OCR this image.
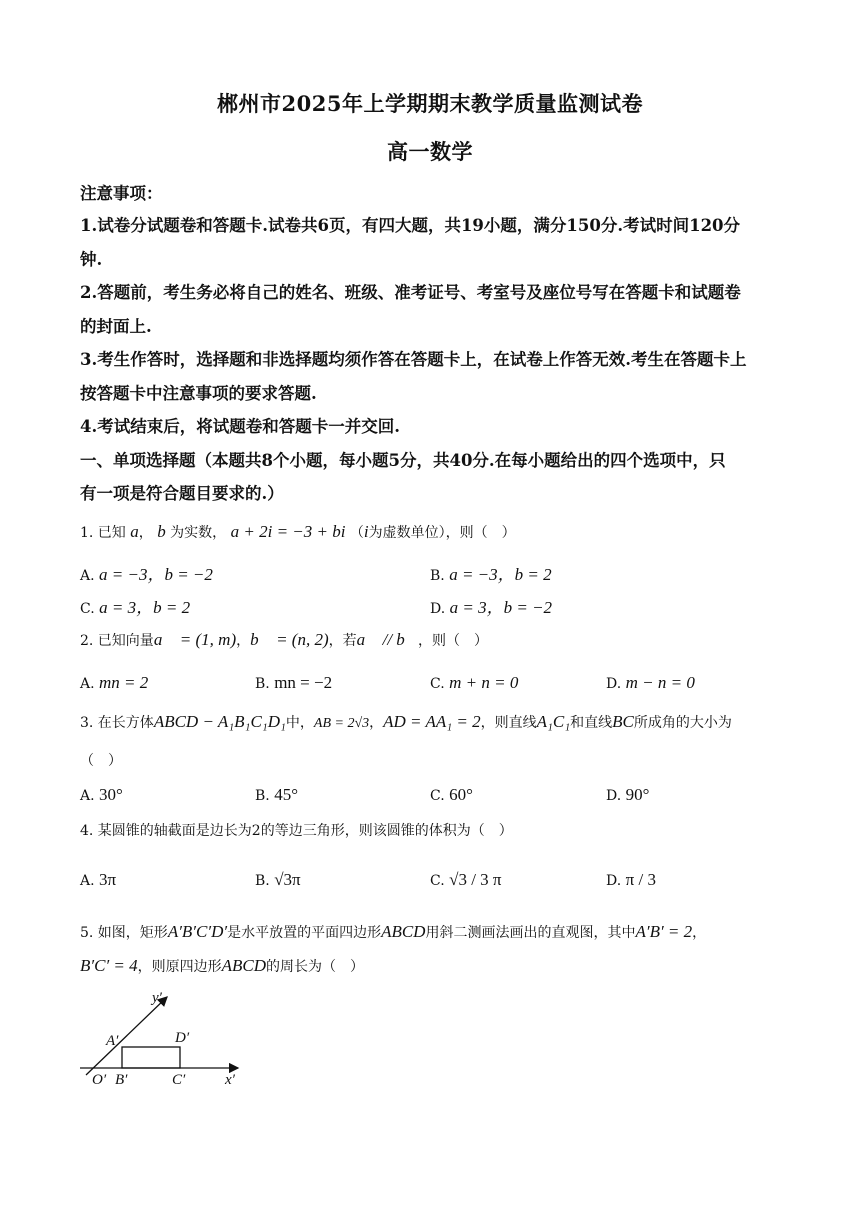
郴州市2025年上学期期末教学质量监测试卷
高一数学
注意事项：
1.试卷分试题卷和答题卡.试卷共6页，有四大题，共19小题，满分150分.考试时间120分
钟.
2.答题前，考生务必将自己的姓名、班级、准考证号、考室号及座位号写在答题卡和试题卷
的封面上.
3.考生作答时，选择题和非选择题均须作答在答题卡上，在试卷上作答无效.考生在答题卡上
按答题卡中注意事项的要求答题.
4.考试结束后，将试题卷和答题卡一并交回.
一、单项选择题（本题共8个小题，每小题5分，共40分.在每小题给出的四个选项中，只
有一项是符合题目要求的.）
1. 已知 a， b 为实数， a + 2i = −3 + bi （i为虚数单位），则（　）
A. a = −3，b = −2	B. a = −3，b = 2
C. a = 3，b = 2	D. a = 3，b = −2
2. 已知向量a⃗ = (1, m)，b⃗ = (n, 2)，若a⃗ // b⃗，则（　）
A. mn = 2	B. mn = −2	C. m + n = 0	D. m − n = 0
3. 在长方体ABCD − A₁B₁C₁D₁中，AB = 2√3，AD = AA₁ = 2，则直线A₁C₁和直线BC所成角的大小为
（　）
A. 30°	B. 45°	C. 60°	D. 90°
4. 某圆锥的轴截面是边长为2的等边三角形，则该圆锥的体积为（　）
A. 3π	B. √3π	C. √3 / 3 π	D. π / 3
5. 如图，矩形A′B′C′D′是水平放置的平面四边形ABCD用斜二测画法画出的直观图，其中A′B′ = 2，
B′C′ = 4，则原四边形ABCD的周长为（　）
y′
A′	D′
O′ B′	C′	x′
